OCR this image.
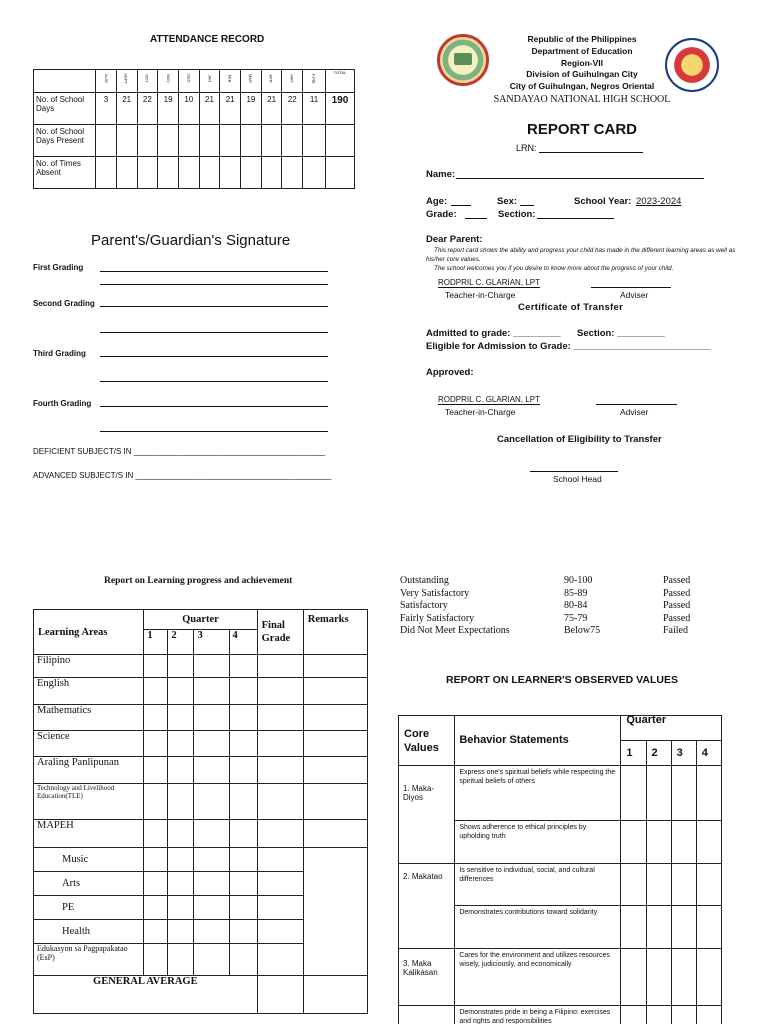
ATTENDANCE RECORD
	AUG	SEPT	OCT	NOV	DEC	JAN	FEB	MAR	APR	MAY	JUNE	TOTAL
No. of School Days	3	21	22	19	10	21	21	19	21	22	11	190
No. of School Days Present												
No. of Times Absent												
Parent's/Guardian's Signature
First Grading
Second Grading
Third Grading
Fourth Grading
DEFICIENT SUBJECT/S IN ___________________________________________
ADVANCED SUBJECT/S IN ____________________________________________
Republic of the Philippines
Department of Education
Region-VII
Division of Guihulngan City
City of Guihulngan, Negros Oriental
SANDAYAO NATIONAL HIGH SCHOOL
REPORT CARD
LRN:
Name:
Age:	Sex:	School Year: 2023-2024
Grade:	Section:
Dear Parent:
This report card shows the ability and progress your child has made in the different learning areas as well as his/her core values.
The school welcomes you if you desire to know more about the progress of your child.
RODPRIL C. GLARIAN, LPT
Teacher-in-Charge	Adviser
Certificate of Transfer
Admitted to grade: _________ Section: _________
Eligible for Admission to Grade: __________________________
Approved:
RODPRIL C. GLARIAN, LPT
Teacher-in-Charge	Adviser
Cancellation of Eligibility to Transfer
School Head
Report on Learning progress and achievement
Learning Areas	Quarter				Final Grade	Remarks
	1	2	3	4		
Filipino						
English						
Mathematics						
Science						
Araling Panlipunan						
Technology and Livelihood Education(TLE)						
MAPEH						
Music						
Arts						
PE						
Health						
Edukasyon sa Pagpapakatao (EsP)						
GENERAL AVERAGE						
Outstanding	90-100	Passed
Very Satisfactory	85-89	Passed
Satisfactory	80-84	Passed
Fairly Satisfactory	75-79	Passed
Did Not Meet Expectations	Below75	Failed
REPORT ON LEARNER'S OBSERVED VALUES
Core Values	Behavior Statements	Quarter			
		1	2	3	4
1. Maka-Diyos	Express one's spiritual beliefs while respecting the spiritual beliefs of others				
	Shows adherence to ethical principles by upholding truth				
2. Makatao	Is sensitive to individual, social, and cultural differences				
	Demonstrates contributions toward solidarity				
3. Maka Kalikasan	Cares for the environment and utilizes resources wisely, judiciously, and economically				
	Demonstrates pride in being a Filipino: exercises and rights and responsibilities				
